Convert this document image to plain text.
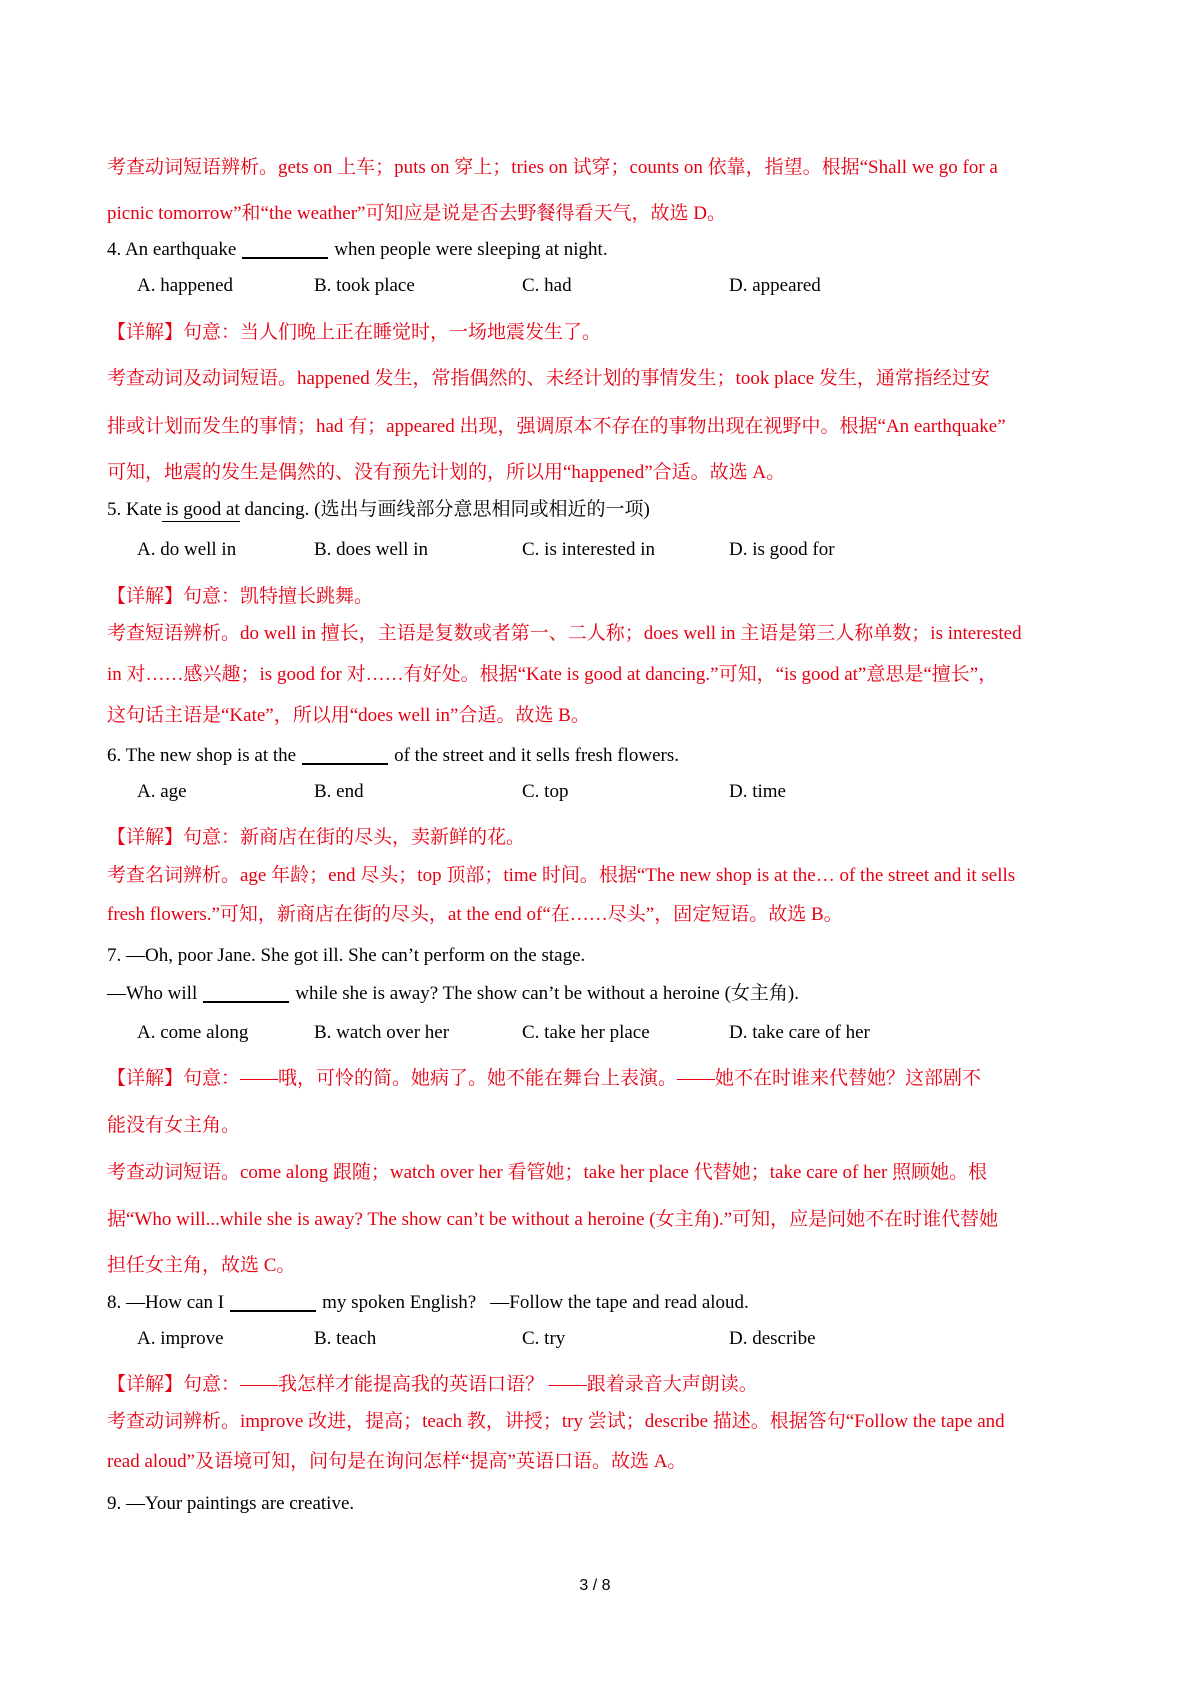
考查动词短语辨析。gets on 上车；puts on 穿上；tries on 试穿；counts on 依靠，指望。根据“Shall we go for a
picnic tomorrow”和“the weather”可知应是说是否去野餐得看天气，故选 D。
4. An earthquake	when people were sleeping at night.
A. happened	B. took place	C. had	D. appeared
【详解】句意：当人们晚上正在睡觉时，一场地震发生了。
考查动词及动词短语。happened 发生，常指偶然的、未经计划的事情发生；took place 发生，通常指经过安
排或计划而发生的事情；had 有；appeared 出现，强调原本不存在的事物出现在视野中。根据“An earthquake”
可知，地震的发生是偶然的、没有预先计划的，所以用“happened”合适。故选 A。
5. Kate is good at dancing. (选出与画线部分意思相同或相近的一项)
A. do well in	B. does well in	C. is interested in	D. is good for
【详解】句意：凯特擅长跳舞。
考查短语辨析。do well in 擅长，主语是复数或者第一、二人称；does well in 主语是第三人称单数；is interested
in 对……感兴趣；is good for 对……有好处。根据“Kate is good at dancing.”可知，“is good at”意思是“擅长”，
这句话主语是“Kate”，所以用“does well in”合适。故选 B。
6. The new shop is at the	of the street and it sells fresh flowers.
A. age	B. end	C. top	D. time
【详解】句意：新商店在街的尽头，卖新鲜的花。
考查名词辨析。age 年龄；end 尽头；top 顶部；time 时间。根据“The new shop is at the… of the street and it sells
fresh flowers.”可知，新商店在街的尽头，at the end of“在……尽头”，固定短语。故选 B。
7. —Oh, poor Jane. She got ill. She can’t perform on the stage.
—Who will	while she is away? The show can’t be without a heroine (女主角).
A. come along	B. watch over her	C. take her place	D. take care of her
【详解】句意：——哦，可怜的简。她病了。她不能在舞台上表演。——她不在时谁来代替她？这部剧不
能没有女主角。
考查动词短语。come along 跟随；watch over her 看管她；take her place 代替她；take care of her 照顾她。根
据“Who will...while she is away? The show can’t be without a heroine (女主角).”可知，应是问她不在时谁代替她
担任女主角，故选 C。
8. —How can I	my spoken English? —Follow the tape and read aloud.
A. improve	B. teach	C. try	D. describe
【详解】句意：——我怎样才能提高我的英语口语？ ——跟着录音大声朗读。
考查动词辨析。improve 改进，提高；teach 教，讲授；try 尝试；describe 描述。根据答句“Follow the tape and
read aloud”及语境可知，问句是在询问怎样“提高”英语口语。故选 A。
9. —Your paintings are creative.
3 / 8
